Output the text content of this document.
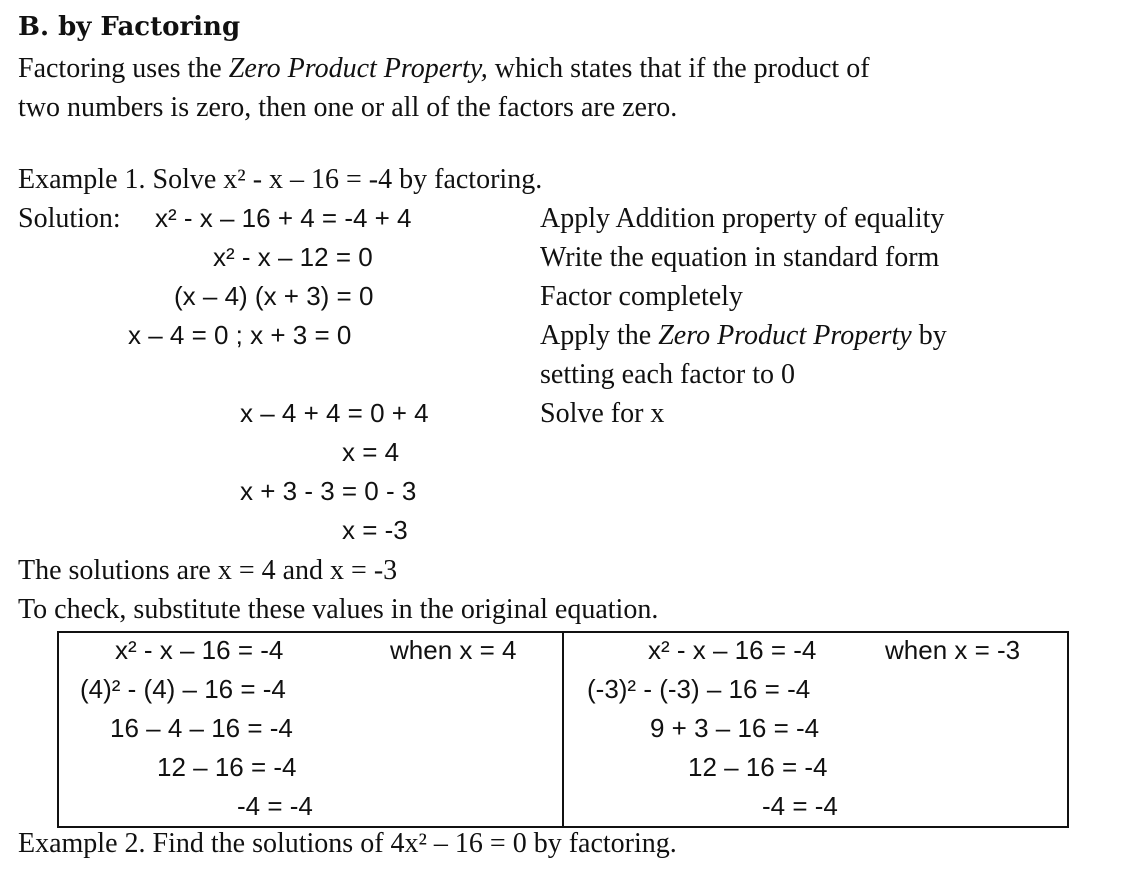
B. by Factoring
Factoring uses the Zero Product Property, which states that if the product of
two numbers is zero, then one or all of the factors are zero.
Example 1. Solve x² - x – 16 = -4 by factoring.
Solution: x² - x – 16 + 4 = -4 + 4	Apply Addition property of equality
x² - x – 12 = 0	Write the equation in standard form
(x – 4) (x + 3) = 0	Factor completely
x – 4 = 0 ; x + 3 = 0	Apply the Zero Product Property by
setting each factor to 0
x – 4 + 4 = 0 + 4	Solve for x
x = 4
x + 3 - 3 = 0 - 3
x = -3
The solutions are x = 4 and x = -3
To check, substitute these values in the original equation.
x² - x – 16 = -4	when x = 4
(4)² - (4) – 16 = -4
16 – 4 – 16 = -4
12 – 16 = -4
-4 = -4
x² - x – 16 = -4	when x = -3
(-3)² - (-3) – 16 = -4
9 + 3 – 16 = -4
12 – 16 = -4
-4 = -4
Example 2. Find the solutions of 4x² – 16 = 0 by factoring.
